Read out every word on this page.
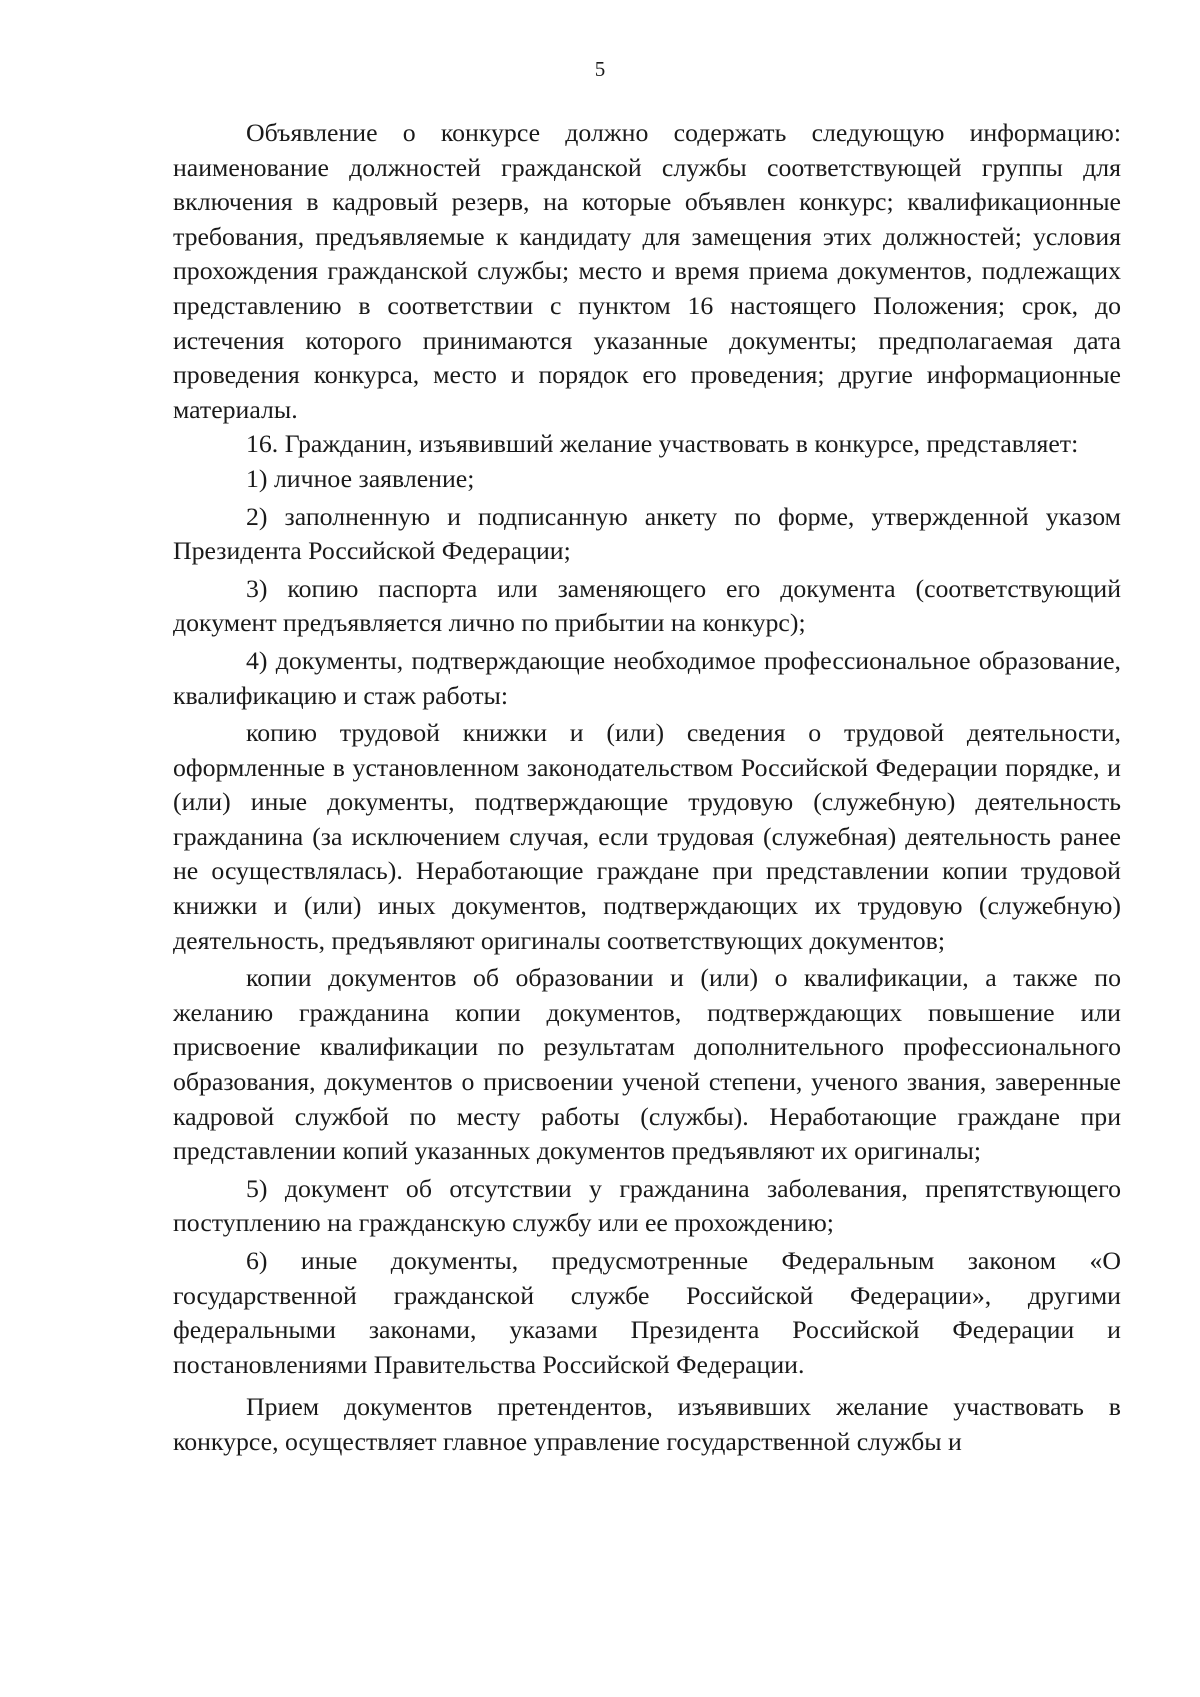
5

Объявление о конкурсе должно содержать следующую информацию: наименование должностей гражданской службы соответствующей группы для включения в кадровый резерв, на которые объявлен конкурс; квалификационные требования, предъявляемые к кандидату для замещения этих должностей; условия прохождения гражданской службы; место и время приема документов, подлежащих представлению в соответствии с пунктом 16 настоящего Положения; срок, до истечения которого принимаются указанные документы; предполагаемая дата проведения конкурса, место и порядок его проведения; другие информационные материалы.

16. Гражданин, изъявивший желание участвовать в конкурсе, представляет:

1) личное заявление;

2) заполненную и подписанную анкету по форме, утвержденной указом Президента Российской Федерации;

3) копию паспорта или заменяющего его документа (соответствующий документ предъявляется лично по прибытии на конкурс);

4) документы, подтверждающие необходимое профессиональное образование, квалификацию и стаж работы:

копию трудовой книжки и (или) сведения о трудовой деятельности, оформленные в установленном законодательством Российской Федерации порядке, и (или) иные документы, подтверждающие трудовую (служебную) деятельность гражданина (за исключением случая, если трудовая (служебная) деятельность ранее не осуществлялась). Неработающие граждане при представлении копии трудовой книжки и (или) иных документов, подтверждающих их трудовую (служебную) деятельность, предъявляют оригиналы соответствующих документов;

копии документов об образовании и (или) о квалификации, а также по желанию гражданина копии документов, подтверждающих повышение или присвоение квалификации по результатам дополнительного профессионального образования, документов о присвоении ученой степени, ученого звания, заверенные кадровой службой по месту работы (службы). Неработающие граждане при представлении копий указанных документов предъявляют их оригиналы;

5) документ об отсутствии у гражданина заболевания, препятствующего поступлению на гражданскую службу или ее прохождению;

6) иные документы, предусмотренные Федеральным законом «О государственной гражданской службе Российской Федерации», другими федеральными законами, указами Президента Российской Федерации и постановлениями Правительства Российской Федерации.

Прием документов претендентов, изъявивших желание участвовать в конкурсе, осуществляет главное управление государственной службы и
